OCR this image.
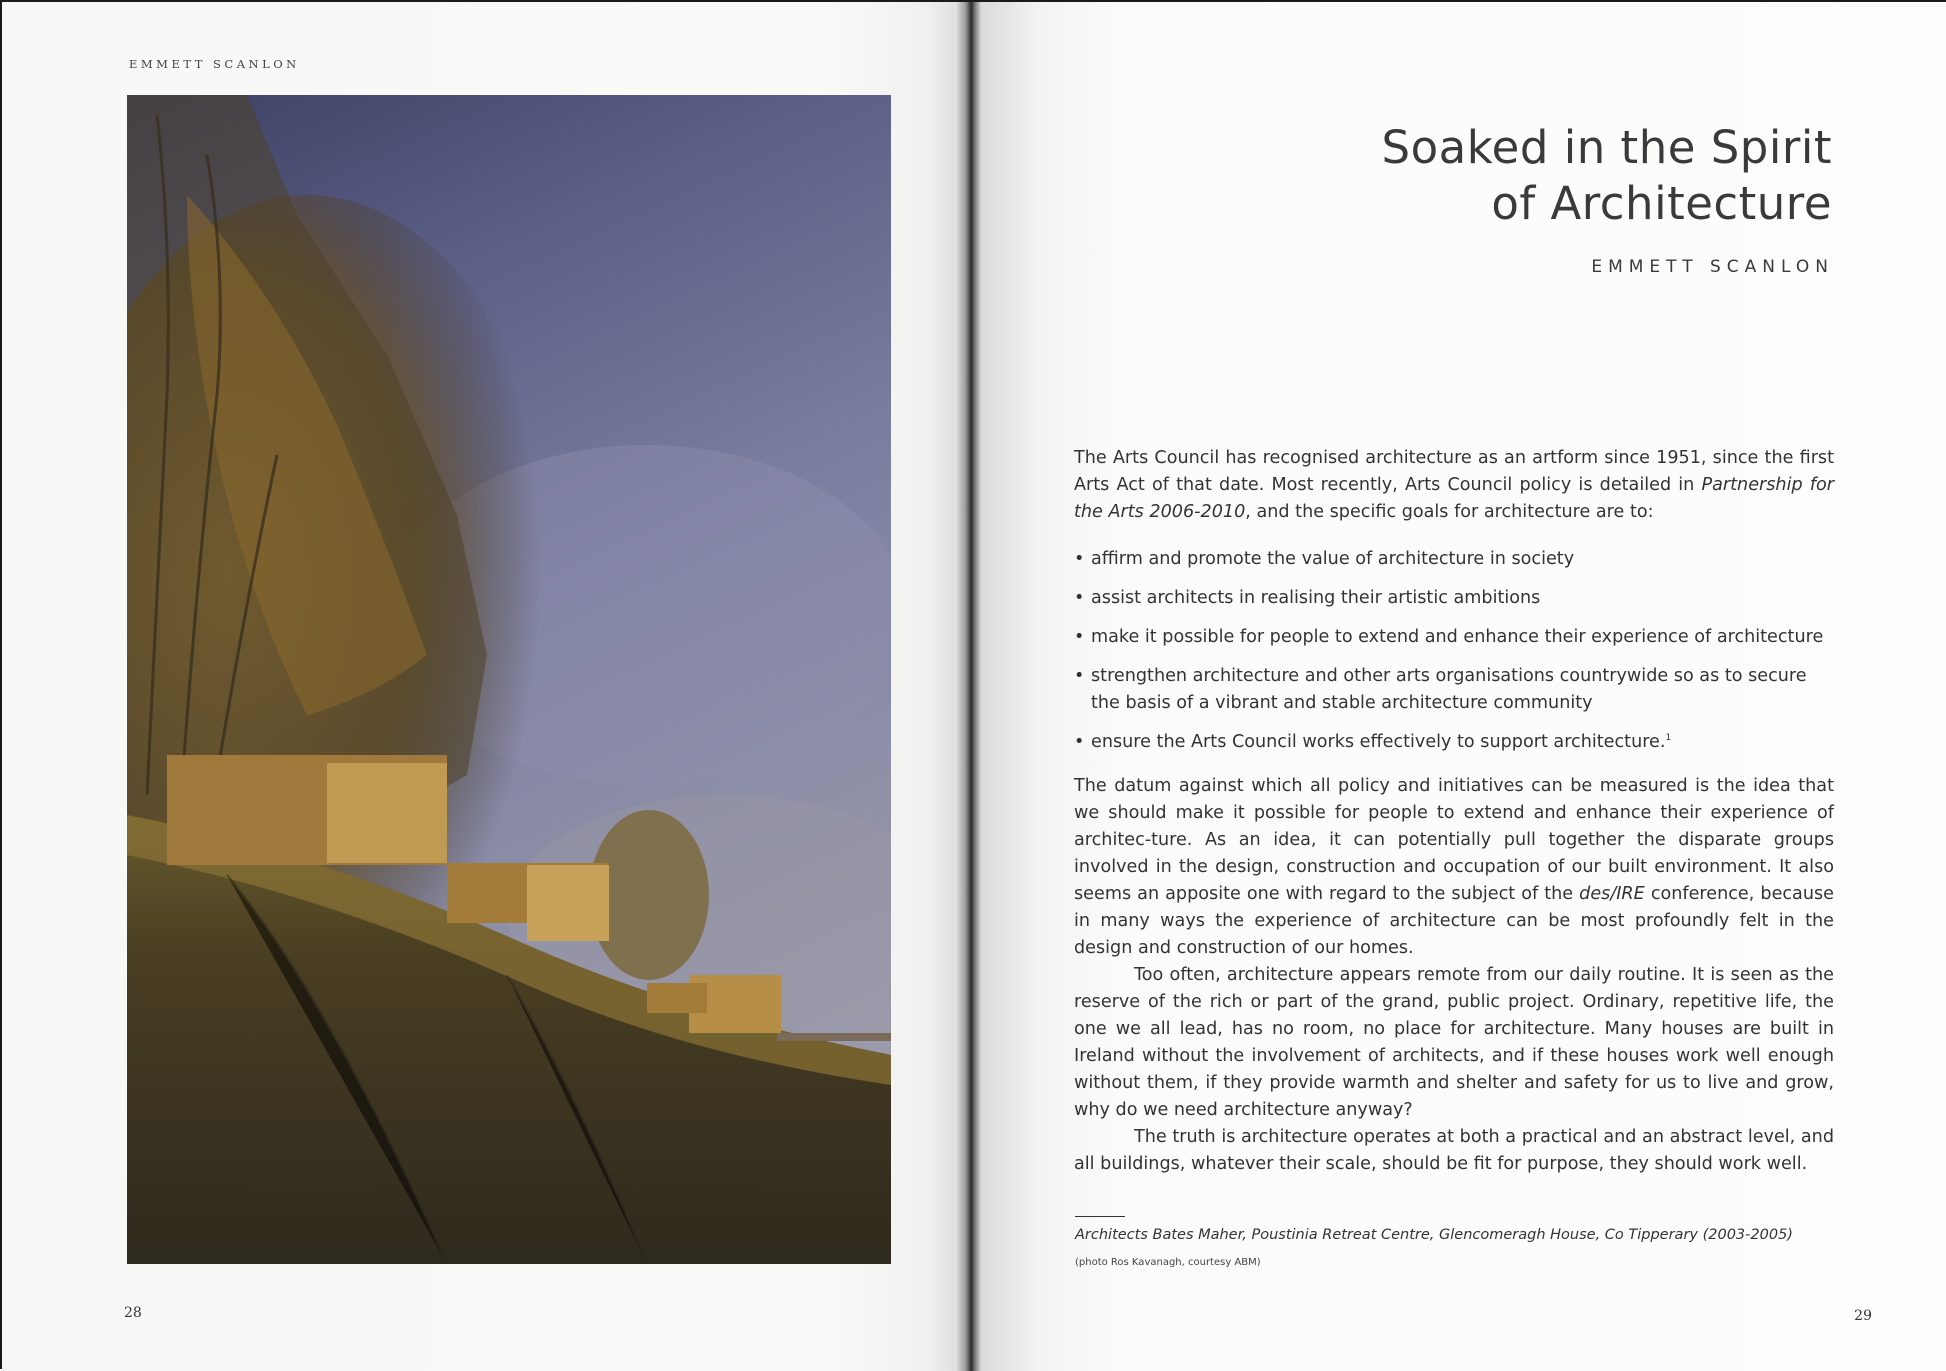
EMMETT SCANLON
28
Soaked in the Spirit
of Architecture
EMMETT SCANLON

The Arts Council has recognised architecture as an artform since 1951, since the first Arts Act of that date. Most recently, Arts Council policy is detailed in Partnership for the Arts 2006-2010, and the specific goals for architecture are to:

• affirm and promote the value of architecture in society
• assist architects in realising their artistic ambitions
• make it possible for people to extend and enhance their experience of architecture
• strengthen architecture and other arts organisations countrywide so as to secure the basis of a vibrant and stable architecture community
• ensure the Arts Council works effectively to support architecture.$^1$

The datum against which all policy and initiatives can be measured is the idea that we should make it possible for people to extend and enhance their experience of architec-ture. As an idea, it can potentially pull together the disparate groups involved in the design, construction and occupation of our built environment. It also seems an apposite one with regard to the subject of the des/IRE conference, because in many ways the experience of architecture can be most profoundly felt in the design and construction of our homes.

Too often, architecture appears remote from our daily routine. It is seen as the reserve of the rich or part of the grand, public project. Ordinary, repetitive life, the one we all lead, has no room, no place for architecture. Many houses are built in Ireland without the involvement of architects, and if these houses work well enough without them, if they provide warmth and shelter and safety for us to live and grow, why do we need architecture anyway?

The truth is architecture operates at both a practical and an abstract level, and all buildings, whatever their scale, should be fit for purpose, they should work well.

Architects Bates Maher, Poustinia Retreat Centre, Glencomeragh House, Co Tipperary (2003-2005)
(photo Ros Kavanagh, courtesy ABM)
29
